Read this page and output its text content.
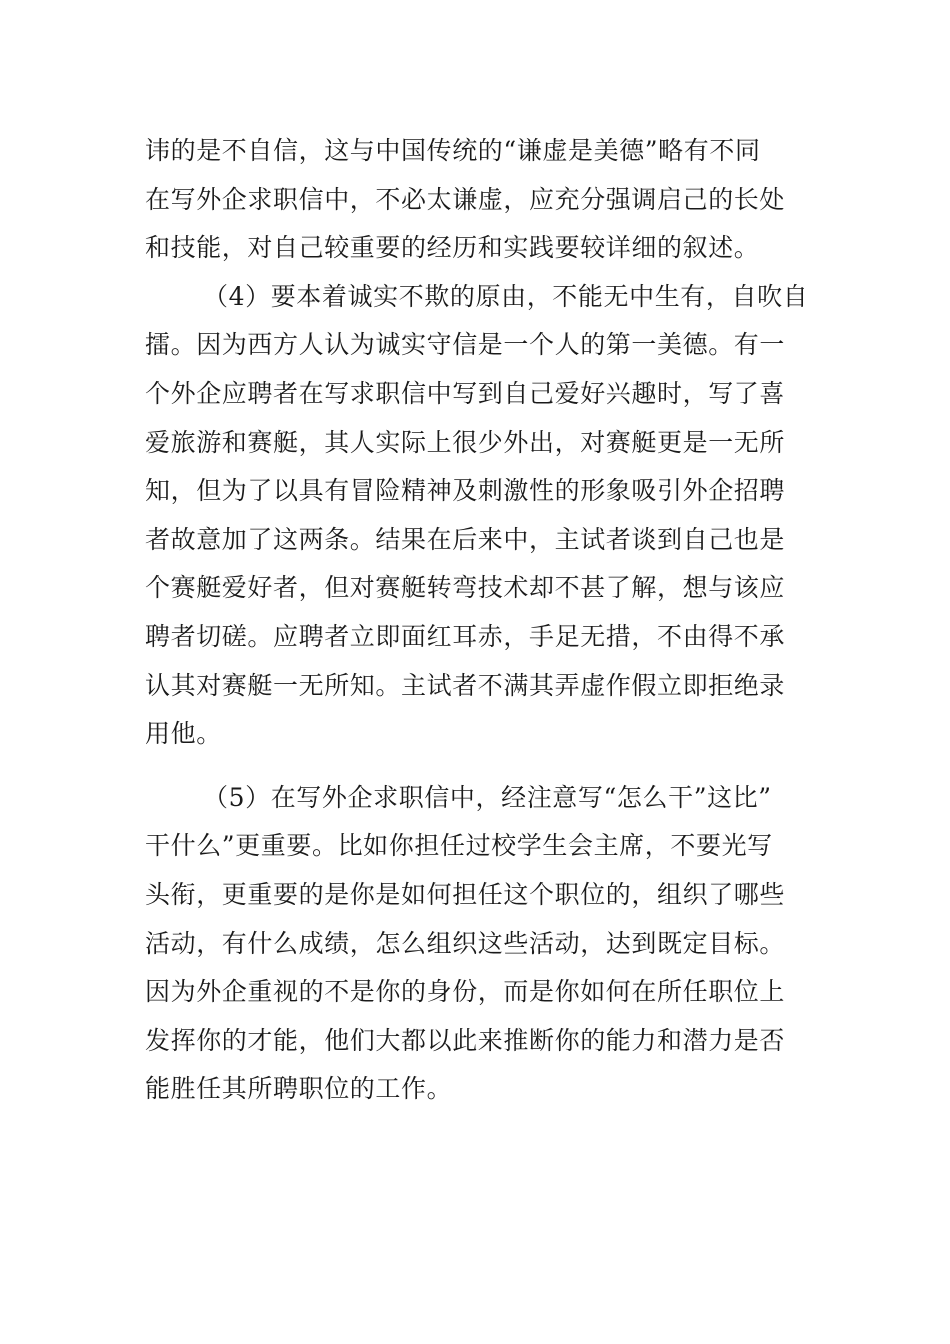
讳的是不自信，这与中国传统的“谦虚是美德”略有不同
在写外企求职信中，不必太谦虚，应充分强调启己的长处
和技能，对自己较重要的经历和实践要较详细的叙述。
（4）要本着诚实不欺的原由，不能无中生有，自吹自
擂。因为西方人认为诚实守信是一个人的第一美德。有一
个外企应聘者在写求职信中写到自己爱好兴趣时，写了喜
爱旅游和赛艇，其人实际上很少外出，对赛艇更是一无所
知，但为了以具有冒险精神及刺激性的形象吸引外企招聘
者故意加了这两条。结果在后来中，主试者谈到自己也是
个赛艇爱好者，但对赛艇转弯技术却不甚了解，想与该应
聘者切磋。应聘者立即面红耳赤，手足无措，不由得不承
认其对赛艇一无所知。主试者不满其弄虚作假立即拒绝录
用他。
（5）在写外企求职信中，经注意写“怎么干”这比”
干什么”更重要。比如你担任过校学生会主席，不要光写
头衔，更重要的是你是如何担任这个职位的，组织了哪些
活动，有什么成绩，怎么组织这些活动，达到既定目标。
因为外企重视的不是你的身份，而是你如何在所任职位上
发挥你的才能，他们大都以此来推断你的能力和潜力是否
能胜任其所聘职位的工作。
